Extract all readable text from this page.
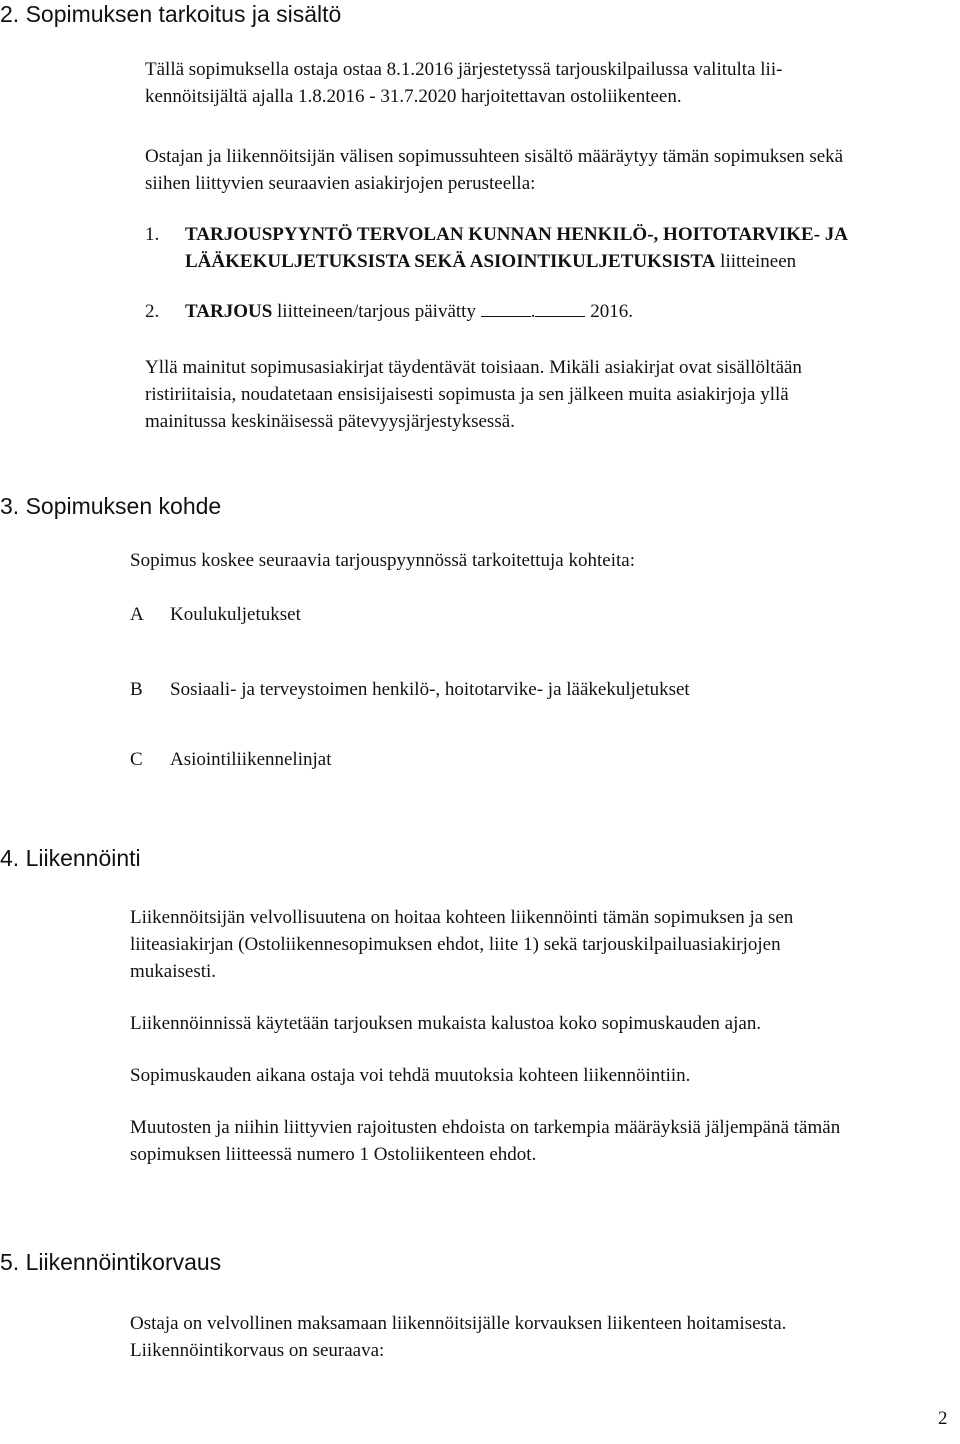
2. Sopimuksen tarkoitus ja sisältö
Tällä sopimuksella ostaja ostaa 8.1.2016 järjestetyssä tarjouskilpailussa valitulta lii-
kennöitsijältä ajalla 1.8.2016 - 31.7.2020 harjoitettavan ostoliikenteen.
Ostajan ja liikennöitsijän välisen sopimussuhteen sisältö määräytyy tämän sopimuksen sekä
siihen liittyvien seuraavien asiakirjojen perusteella:
1. TARJOUSPYYNTÖ TERVOLAN KUNNAN HENKILÖ-, HOITOTARVIKE- JA
LÄÄKEKULJETUKSISTA SEKÄ ASIOINTIKULJETUKSISTA liitteineen
2. TARJOUS liitteineen/tarjous päivätty	.	2016.
Yllä mainitut sopimusasiakirjat täydentävät toisiaan. Mikäli asiakirjat ovat sisällöltään
ristiriitaisia, noudatetaan ensisijaisesti sopimusta ja sen jälkeen muita asiakirjoja yllä
mainitussa keskinäisessä pätevyysjärjestyksessä.
3. Sopimuksen kohde
Sopimus koskee seuraavia tarjouspyynnössä tarkoitettuja kohteita:
A Koulukuljetukset
B Sosiaali- ja terveystoimen henkilö-, hoitotarvike- ja lääkekuljetukset
C Asiointiliikennelinjat
4. Liikennöinti
Liikennöitsijän velvollisuutena on hoitaa kohteen liikennöinti tämän sopimuksen ja sen
liiteasiakirjan (Ostoliikennesopimuksen ehdot, liite 1) sekä tarjouskilpailuasiakirjojen
mukaisesti.
Liikennöinnissä käytetään tarjouksen mukaista kalustoa koko sopimuskauden ajan.
Sopimuskauden aikana ostaja voi tehdä muutoksia kohteen liikennöintiin.
Muutosten ja niihin liittyvien rajoitusten ehdoista on tarkempia määräyksiä jäljempänä tämän
sopimuksen liitteessä numero 1 Ostoliikenteen ehdot.
5. Liikennöintikorvaus
Ostaja on velvollinen maksamaan liikennöitsijälle korvauksen liikenteen hoitamisesta.
Liikennöintikorvaus on seuraava:
2
